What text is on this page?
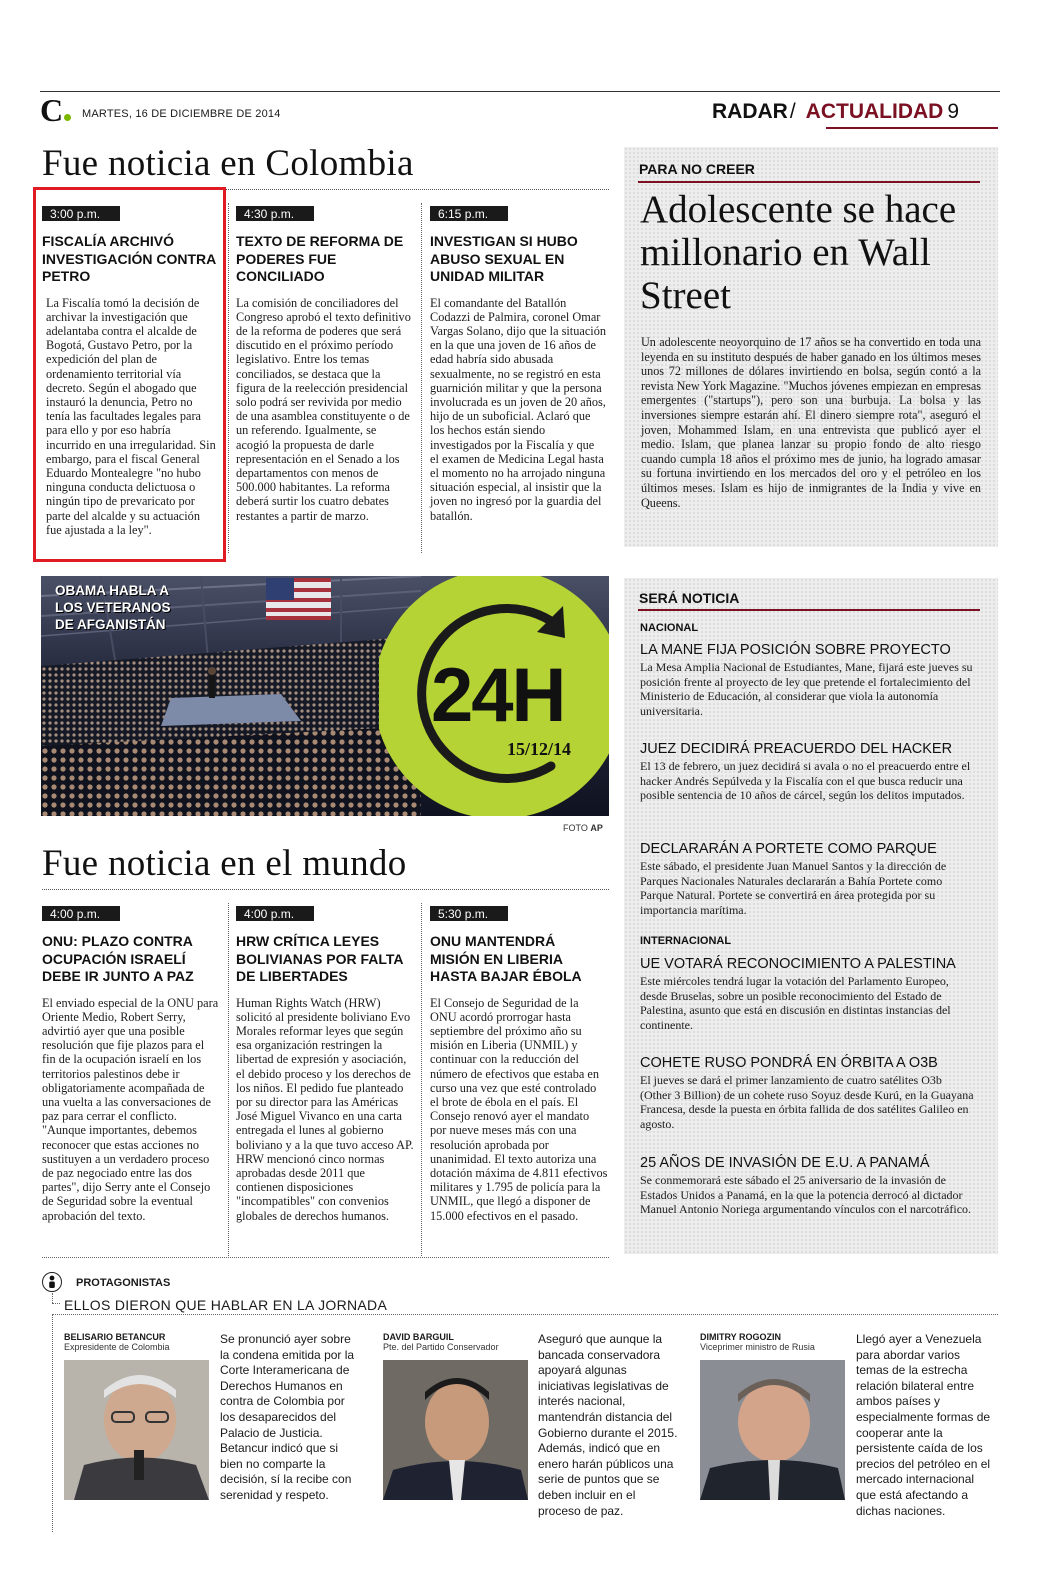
C	MARTES, 16 DE DICIEMBRE DE 2014	RADAR/ ACTUALIDAD 9
Fue noticia en Colombia
3:00 p.m.
FISCALÍA ARCHIVÓ INVESTIGACIÓN CONTRA PETRO
La Fiscalía tomó la decisión de archivar la investigación que adelantaba contra el alcalde de Bogotá, Gustavo Petro, por la expedición del plan de ordenamiento territorial vía decreto. Según el abogado que instauró la denuncia, Petro no tenía las facultades legales para para ello y por eso habría incurrido en una irregularidad. Sin embargo, para el fiscal General Eduardo Montealegre "no hubo ninguna conducta delictuosa o ningún tipo de prevaricato por parte del alcalde y su actuación fue ajustada a la ley".
4:30 p.m.
TEXTO DE REFORMA DE PODERES FUE CONCILIADO
La comisión de conciliadores del Congreso aprobó el texto definitivo de la reforma de poderes que será discutido en el próximo período legislativo. Entre los temas conciliados, se destaca que la figura de la reelección presidencial solo podrá ser revivida por medio de una asamblea constituyente o de un referendo. Igualmente, se acogió la propuesta de darle representación en el Senado a los departamentos con menos de 500.000 habitantes. La reforma deberá surtir los cuatro debates restantes a partir de marzo.
6:15 p.m.
INVESTIGAN SI HUBO ABUSO SEXUAL EN UNIDAD MILITAR
El comandante del Batallón Codazzi de Palmira, coronel Omar Vargas Solano, dijo que la situación en la que una joven de 16 años de edad habría sido abusada sexualmente, no se registró en esta guarnición militar y que la persona involucrada es un joven de 20 años, hijo de un suboficial. Aclaró que los hechos están siendo investigados por la Fiscalía y que el examen de Medicina Legal hasta el momento no ha arrojado ninguna situación especial, al insistir que la joven no ingresó por la guardia del batallón.
PARA NO CREER
Adolescente se hace millonario en Wall Street
Un adolescente neoyorquino de 17 años se ha convertido en toda una leyenda en su instituto después de haber ganado en los últimos meses unos 72 millones de dólares invirtiendo en bolsa, según contó a la revista New York Magazine. "Muchos jóvenes empiezan en empresas emergentes ("startups"), pero son una burbuja. La bolsa y las inversiones siempre estarán ahí. El dinero siempre rota", aseguró el joven, Mohammed Islam, en una entrevista que publicó ayer el medio. Islam, que planea lanzar su propio fondo de alto riesgo cuando cumpla 18 años el próximo mes de junio, ha logrado amasar su fortuna invirtiendo en los mercados del oro y el petróleo en los últimos meses. Islam es hijo de inmigrantes de la India y vive en Queens.
OBAMA HABLA A
LOS VETERANOS
DE AFGANISTÁN
24H
15/12/14
FOTO AP
SERÁ NOTICIA
NACIONAL
LA MANE FIJA POSICIÓN SOBRE PROYECTO
La Mesa Amplia Nacional de Estudiantes, Mane, fijará este jueves su posición frente al proyecto de ley que pretende el fortalecimiento del Ministerio de Educación, al considerar que viola la autonomía universitaria.
JUEZ DECIDIRÁ PREACUERDO DEL HACKER
El 13 de febrero, un juez decidirá si avala o no el preacuerdo entre el hacker Andrés Sepúlveda y la Fiscalía con el que busca reducir una posible sentencia de 10 años de cárcel, según los delitos imputados.
DECLARARÁN A PORTETE COMO PARQUE
Este sábado, el presidente Juan Manuel Santos y la dirección de Parques Nacionales Naturales declararán a Bahía Portete como Parque Natural. Portete se convertirá en área protegida por su importancia marítima.
INTERNACIONAL
UE VOTARÁ RECONOCIMIENTO A PALESTINA
Este miércoles tendrá lugar la votación del Parlamento Europeo, desde Bruselas, sobre un posible reconocimiento del Estado de Palestina, asunto que está en discusión en distintas instancias del continente.
COHETE RUSO PONDRÁ EN ÓRBITA A O3B
El jueves se dará el primer lanzamiento de cuatro satélites O3b (Other 3 Billion) de un cohete ruso Soyuz desde Kurú, en la Guayana Francesa, desde la puesta en órbita fallida de dos satélites Galileo en agosto.
25 AÑOS DE INVASIÓN DE E.U. A PANAMÁ
Se conmemorará este sábado el 25 aniversario de la invasión de Estados Unidos a Panamá, en la que la potencia derrocó al dictador Manuel Antonio Noriega argumentando vínculos con el narcotráfico.
Fue noticia en el mundo
4:00 p.m.
ONU: PLAZO CONTRA OCUPACIÓN ISRAELÍ DEBE IR JUNTO A PAZ
El enviado especial de la ONU para Oriente Medio, Robert Serry, advirtió ayer que una posible resolución que fije plazos para el fin de la ocupación israelí en los territorios palestinos debe ir obligatoriamente acompañada de una vuelta a las conversaciones de paz para cerrar el conflicto. "Aunque importantes, debemos reconocer que estas acciones no sustituyen a un verdadero proceso de paz negociado entre las dos partes", dijo Serry ante el Consejo de Seguridad sobre la eventual aprobación del texto.
4:00 p.m.
HRW CRÍTICA LEYES BOLIVIANAS POR FALTA DE LIBERTADES
Human Rights Watch (HRW) solicitó al presidente boliviano Evo Morales reformar leyes que según esa organización restringen la libertad de expresión y asociación, el debido proceso y los derechos de los niños. El pedido fue planteado por su director para las Américas José Miguel Vivanco en una carta entregada el lunes al gobierno boliviano y a la que tuvo acceso AP. HRW mencionó cinco normas aprobadas desde 2011 que contienen disposiciones "incompatibles" con convenios globales de derechos humanos.
5:30 p.m.
ONU MANTENDRÁ MISIÓN EN LIBERIA HASTA BAJAR ÉBOLA
El Consejo de Seguridad de la ONU acordó prorrogar hasta septiembre del próximo año su misión en Liberia (UNMIL) y continuar con la reducción del número de efectivos que estaba en curso una vez que esté controlado el brote de ébola en el país. El Consejo renovó ayer el mandato por nueve meses más con una resolución aprobada por unanimidad. El texto autoriza una dotación máxima de 4.811 efectivos militares y 1.795 de policía para la UNMIL, que llegó a disponer de 15.000 efectivos en el pasado.
PROTAGONISTAS
ELLOS DIERON QUE HABLAR EN LA JORNADA
BELISARIO BETANCUR
Expresidente de Colombia
Se pronunció ayer sobre la condena emitida por la Corte Interamericana de Derechos Humanos en contra de Colombia por los desaparecidos del Palacio de Justicia. Betancur indicó que si bien no comparte la decisión, sí la recibe con serenidad y respeto.
DAVID BARGUIL
Pte. del Partido Conservador
Aseguró que aunque la bancada conservadora apoyará algunas iniciativas legislativas de interés nacional, mantendrán distancia del Gobierno durante el 2015. Además, indicó que en enero harán públicos una serie de puntos que se deben incluir en el proceso de paz.
DIMITRY ROGOZIN
Viceprimer ministro de Rusia
Llegó ayer a Venezuela para abordar varios temas de la estrecha relación bilateral entre ambos países y especialmente formas de cooperar ante la persistente caída de los precios del petróleo en el mercado internacional que está afectando a dichas naciones.
